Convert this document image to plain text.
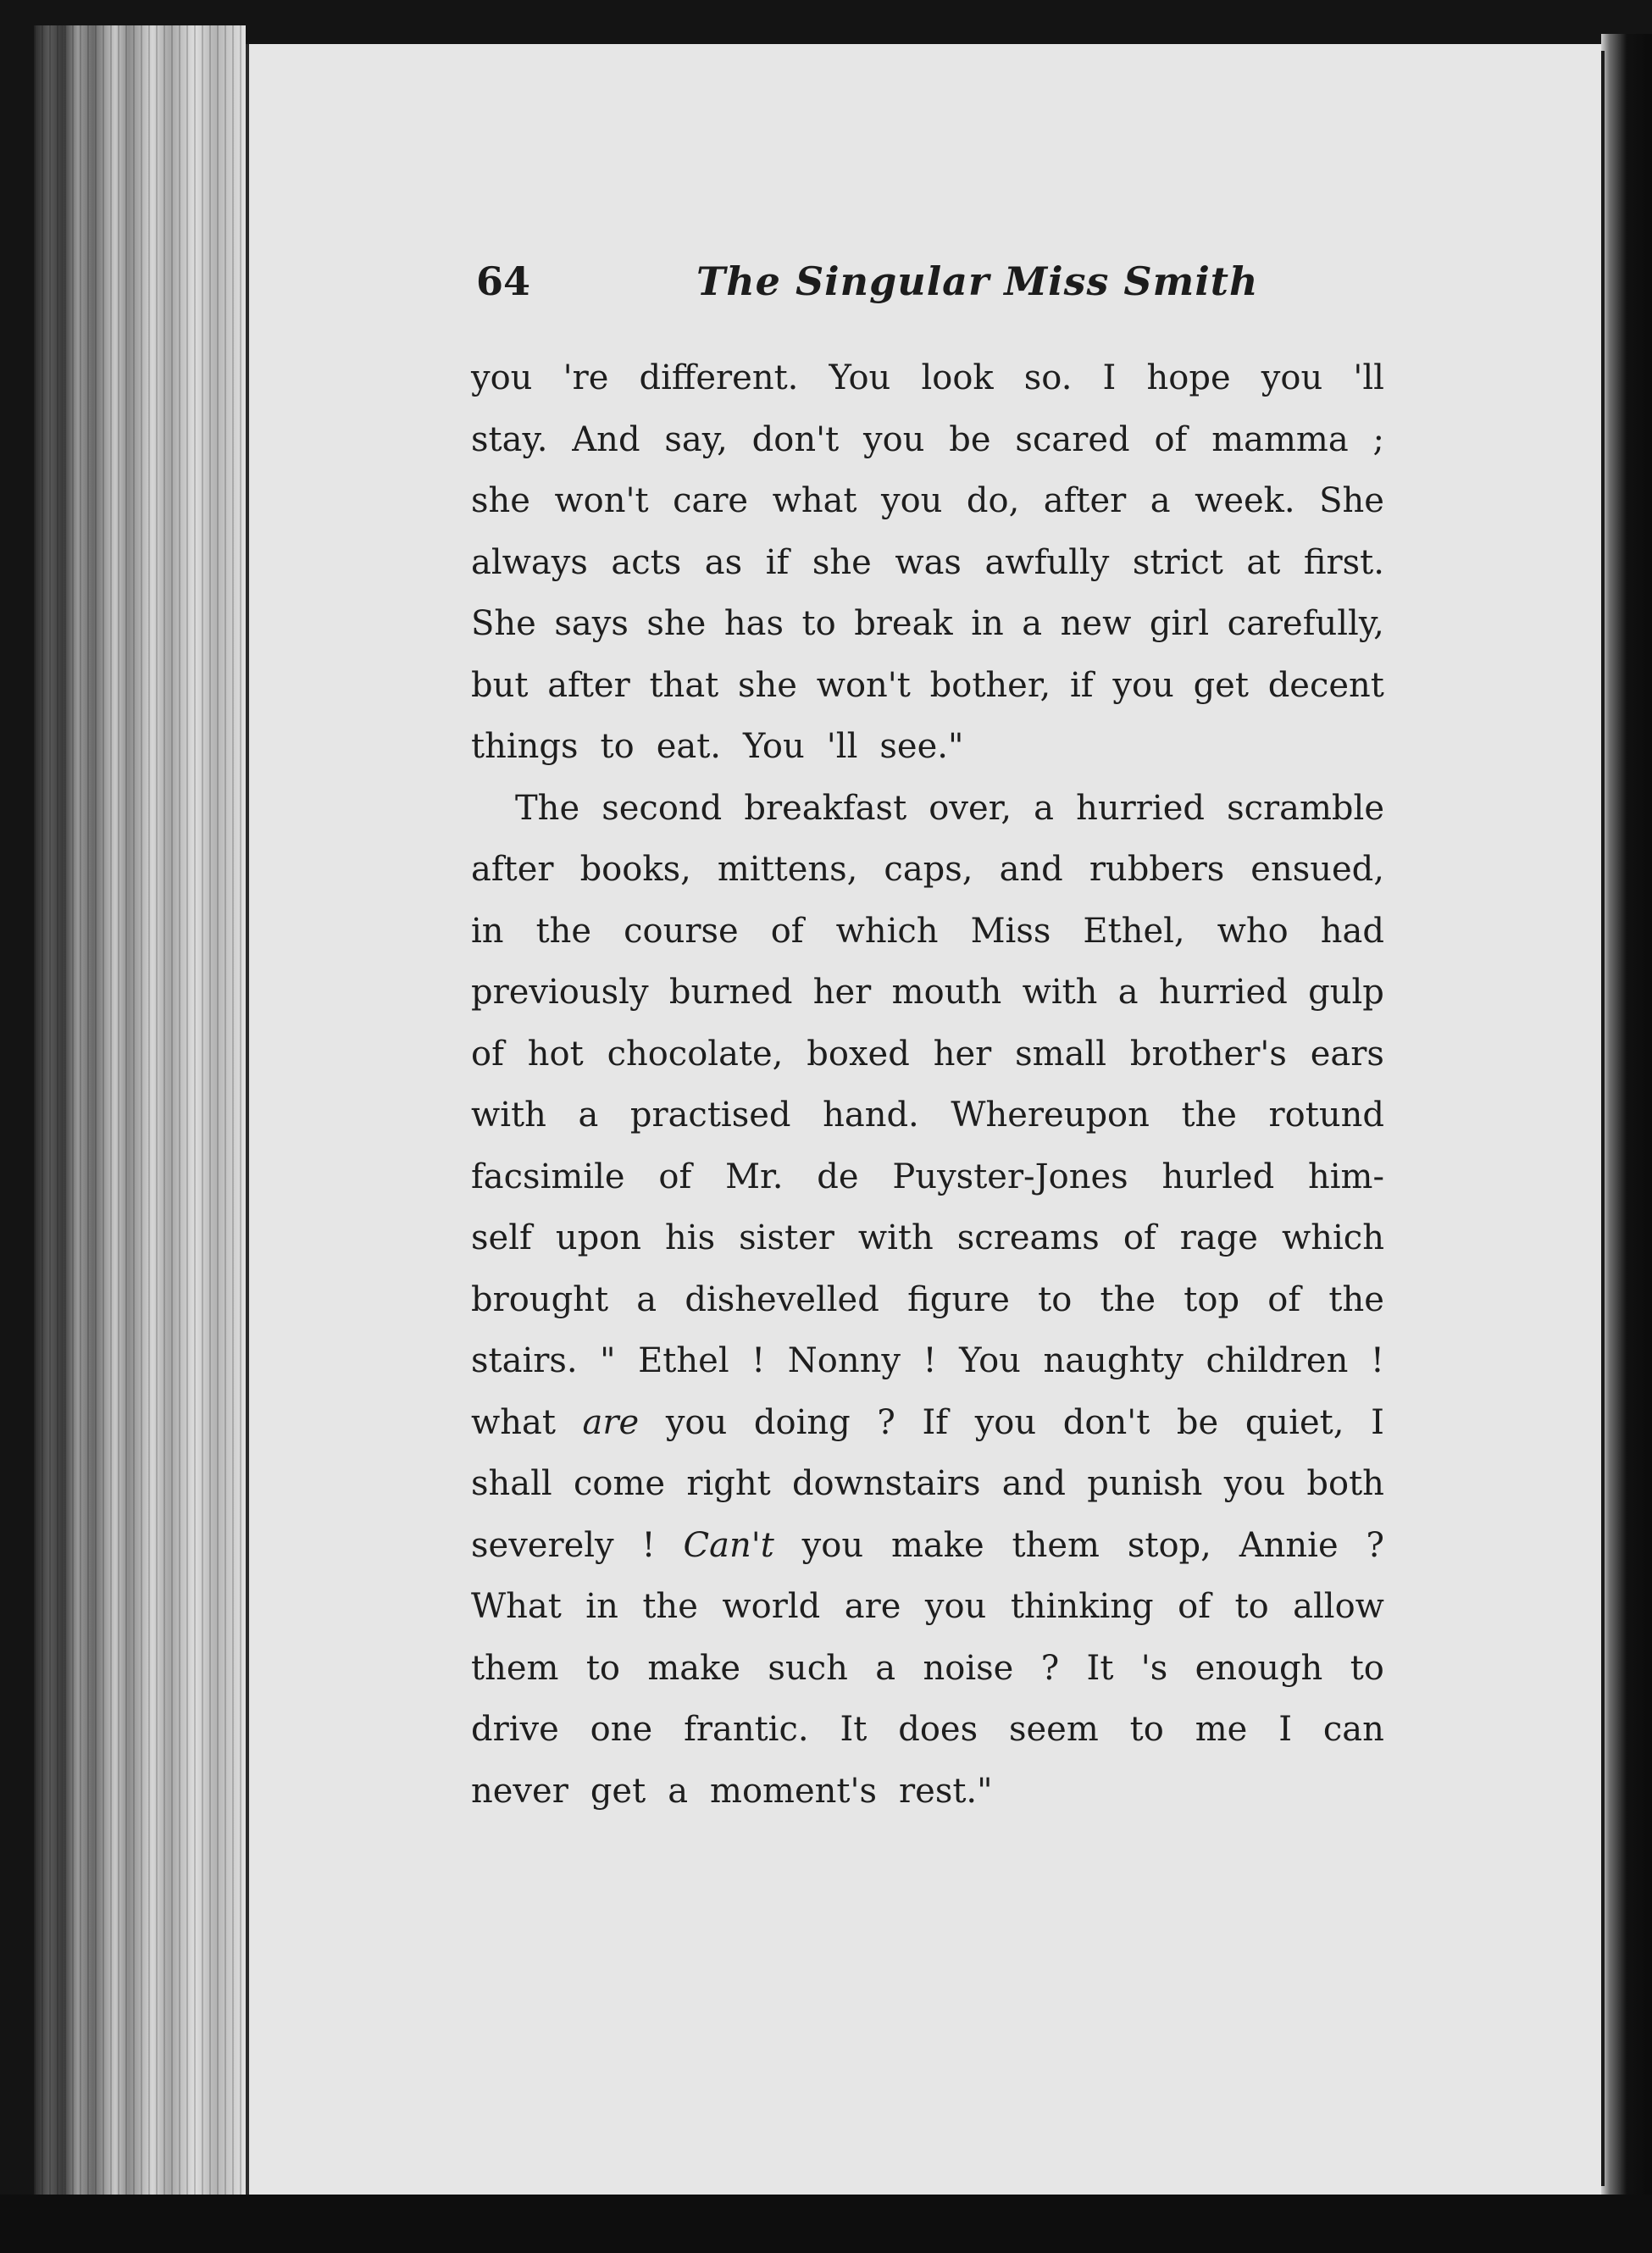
64	The Singular Miss Smith
you 're different. You look so. I hope you 'll
stay. And say, don't you be scared of mamma ;
she won't care what you do, after a week. She
always acts as if she was awfully strict at first.
She says she has to break in a new girl carefully,
but after that she won't bother, if you get decent
things to eat. You 'll see."
The second breakfast over, a hurried scramble
after books, mittens, caps, and rubbers ensued,
in the course of which Miss Ethel, who had
previously burned her mouth with a hurried gulp
of hot chocolate, boxed her small brother's ears
with a practised hand. Whereupon the rotund
facsimile of Mr. de Puyster-Jones hurled him-
self upon his sister with screams of rage which
brought a dishevelled figure to the top of the
stairs. " Ethel ! Nonny ! You naughty children !
what are you doing ? If you don't be quiet, I
shall come right downstairs and punish you both
severely ! Can't you make them stop, Annie ?
What in the world are you thinking of to allow
them to make such a noise ? It 's enough to
drive one frantic. It does seem to me I can
never get a moment's rest."
